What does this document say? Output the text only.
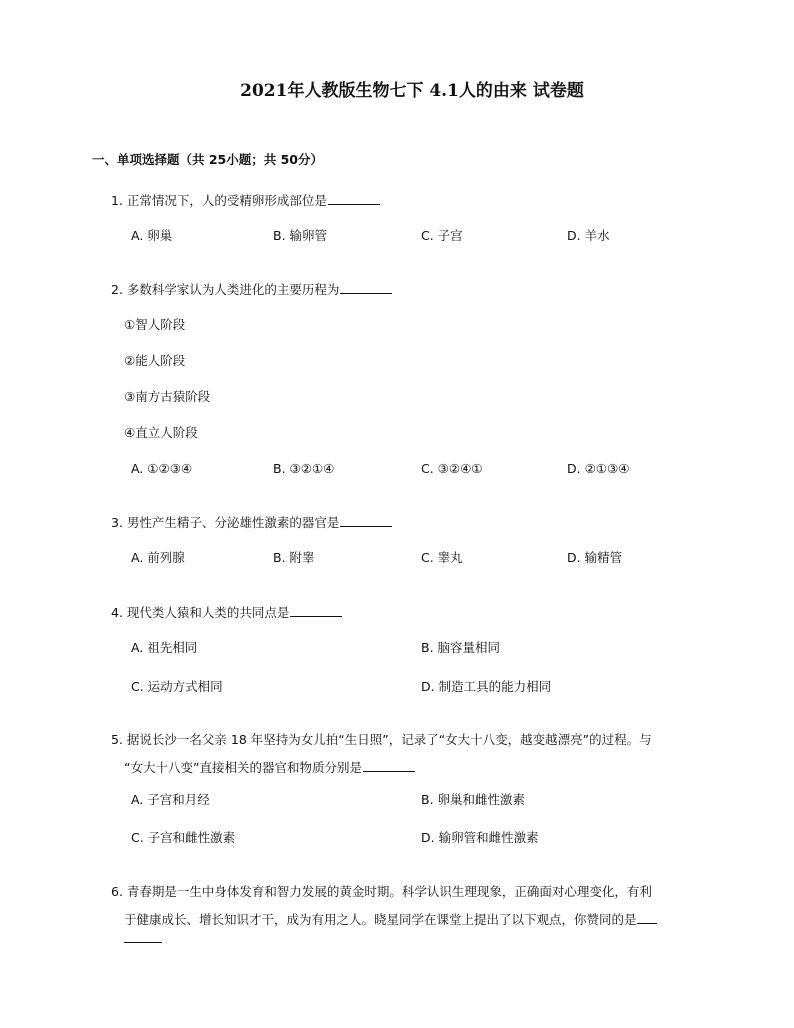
2021年人教版生物七下 4.1人的由来 试卷题
一、单项选择题（共 25小题；共 50分）
1. 正常情况下，人的受精卵形成部位是
A. 卵巢	B. 输卵管	C. 子宫	D. 羊水
2. 多数科学家认为人类进化的主要历程为
①智人阶段
②能人阶段
③南方古猿阶段
④直立人阶段
A. ①②③④	B. ③②①④	C. ③②④①	D. ②①③④
3. 男性产生精子、分泌雄性激素的器官是
A. 前列腺	B. 附睾	C. 睾丸	D. 输精管
4. 现代类人猿和人类的共同点是
A. 祖先相同	B. 脑容量相同
C. 运动方式相同	D. 制造工具的能力相同
5. 据说长沙一名父亲 18 年坚持为女儿拍“生日照”，记录了“女大十八变，越变越漂亮”的过程。与
“女大十八变”直接相关的器官和物质分别是
A. 子宫和月经	B. 卵巢和雌性激素
C. 子宫和雌性激素	D. 输卵管和雌性激素
6. 青春期是一生中身体发育和智力发展的黄金时期。科学认识生理现象，正确面对心理变化，有利
于健康成长、增长知识才干，成为有用之人。晓星同学在课堂上提出了以下观点，你赞同的是
